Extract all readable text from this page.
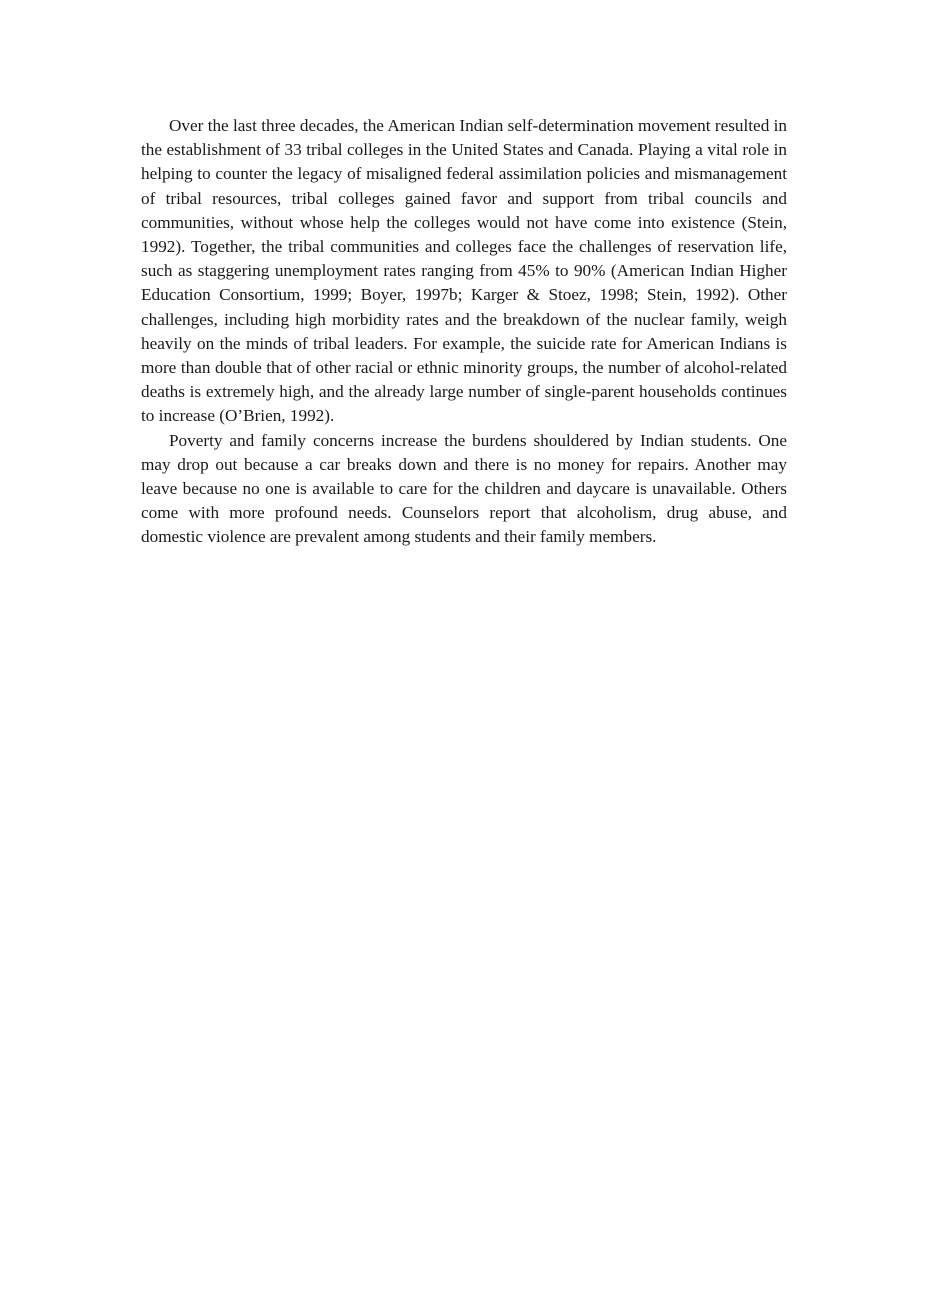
Over the last three decades, the American Indian self-determination movement resulted in the establishment of 33 tribal colleges in the United States and Canada. Playing a vital role in helping to counter the legacy of misaligned federal assimilation policies and mismanagement of tribal resources, tribal colleges gained favor and support from tribal councils and communities, without whose help the colleges would not have come into existence (Stein, 1992). Together, the tribal communities and colleges face the challenges of reservation life, such as staggering unemployment rates ranging from 45% to 90% (American Indian Higher Education Consortium, 1999; Boyer, 1997b; Karger & Stoez, 1998; Stein, 1992). Other challenges, including high morbidity rates and the breakdown of the nuclear family, weigh heavily on the minds of tribal leaders. For example, the suicide rate for American Indians is more than double that of other racial or ethnic minority groups, the number of alcohol-related deaths is extremely high, and the already large number of single-parent households continues to increase (O’Brien, 1992).

Poverty and family concerns increase the burdens shouldered by Indian students. One may drop out because a car breaks down and there is no money for repairs. Another may leave because no one is available to care for the children and daycare is unavailable. Others come with more profound needs. Counselors report that alcoholism, drug abuse, and domestic violence are prevalent among students and their family members.
